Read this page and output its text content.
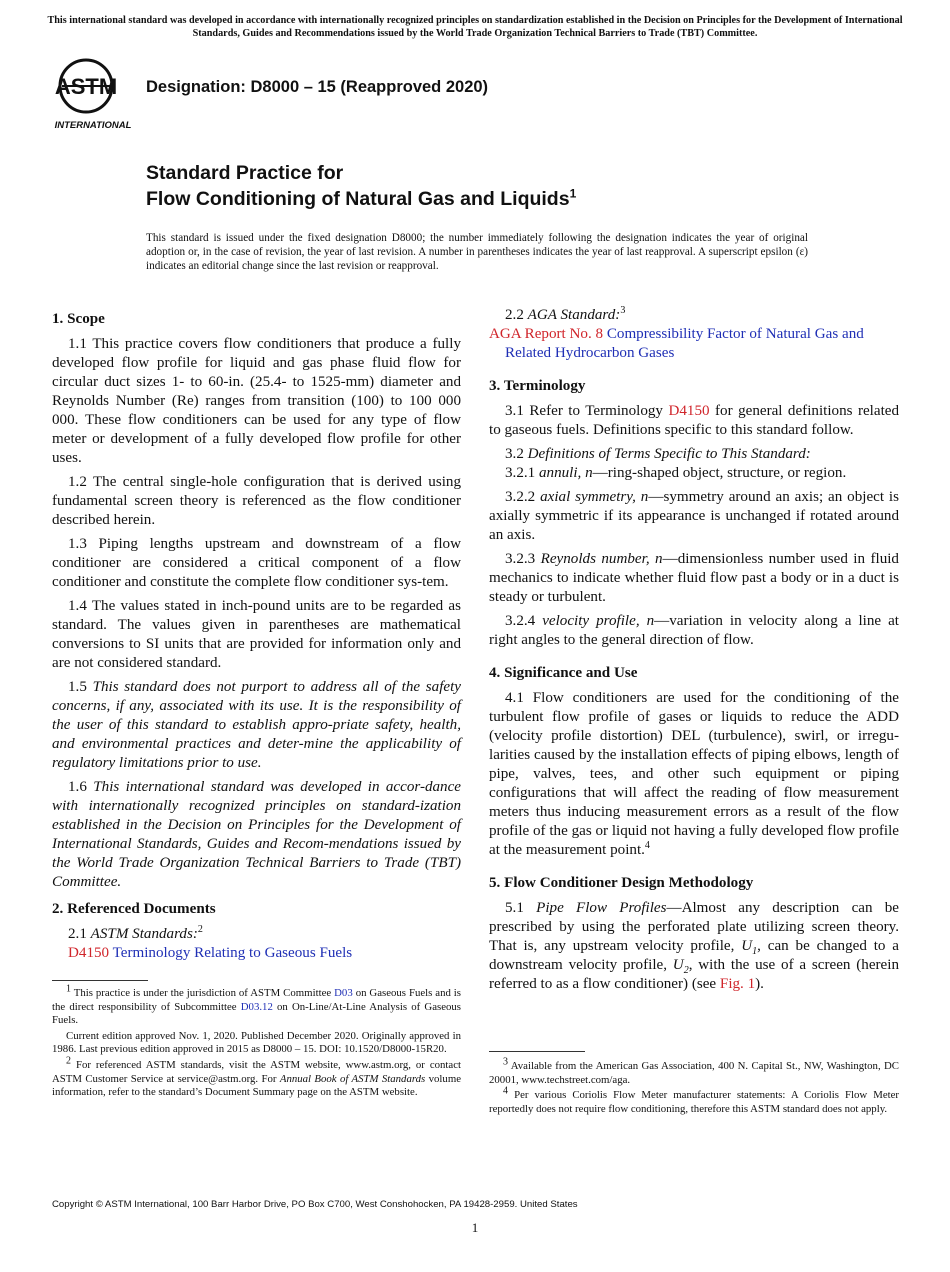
This international standard was developed in accordance with internationally recognized principles on standardization established in the Decision on Principles for the Development of International Standards, Guides and Recommendations issued by the World Trade Organization Technical Barriers to Trade (TBT) Committee.
ASTM
INTERNATIONAL
Designation: D8000 – 15 (Reapproved 2020)
Standard Practice for
Flow Conditioning of Natural Gas and Liquids$^1$
This standard is issued under the fixed designation D8000; the number immediately following the designation indicates the year of original adoption or, in the case of revision, the year of last revision. A number in parentheses indicates the year of last reapproval. A superscript epsilon (ε) indicates an editorial change since the last revision or reapproval.
1. Scope

1.1 This practice covers flow conditioners that produce a fully developed flow profile for liquid and gas phase fluid flow for circular duct sizes 1- to 60-in. (25.4- to 1525-mm) diameter and Reynolds Number (Re) ranges from transition (100) to 100 000 000. These flow conditioners can be used for any type of flow meter or development of a fully developed flow profile for other uses.

1.2 The central single-hole configuration that is derived using fundamental screen theory is referenced as the flow conditioner described herein.

1.3 Piping lengths upstream and downstream of a flow conditioner are considered a critical component of a flow conditioner and constitute the complete flow conditioner sys-tem.

1.4 The values stated in inch-pound units are to be regarded as standard. The values given in parentheses are mathematical conversions to SI units that are provided for information only and are not considered standard.

1.5 This standard does not purport to address all of the safety concerns, if any, associated with its use. It is the responsibility of the user of this standard to establish appro-priate safety, health, and environmental practices and deter-mine the applicability of regulatory limitations prior to use.

1.6 This international standard was developed in accor-dance with internationally recognized principles on standard-ization established in the Decision on Principles for the Development of International Standards, Guides and Recom-mendations issued by the World Trade Organization Technical Barriers to Trade (TBT) Committee.

2. Referenced Documents

2.1 ASTM Standards:$^2$

D4150 Terminology Relating to Gaseous Fuels

2.2 AGA Standard:$^3$

AGA Report No. 8 Compressibility Factor of Natural Gas and Related Hydrocarbon Gases

3. Terminology

3.1 Refer to Terminology D4150 for general definitions related to gaseous fuels. Definitions specific to this standard follow.

3.2 Definitions of Terms Specific to This Standard:

3.2.1 annuli, n—ring-shaped object, structure, or region.

3.2.2 axial symmetry, n—symmetry around an axis; an object is axially symmetric if its appearance is unchanged if rotated around an axis.

3.2.3 Reynolds number, n—dimensionless number used in fluid mechanics to indicate whether fluid flow past a body or in a duct is steady or turbulent.

3.2.4 velocity profile, n—variation in velocity along a line at right angles to the general direction of flow.

4. Significance and Use

4.1 Flow conditioners are used for the conditioning of the turbulent flow profile of gases or liquids to reduce the ADD (velocity profile distortion) DEL (turbulence), swirl, or irregu-larities caused by the installation effects of piping elbows, length of pipe, valves, tees, and other such equipment or piping configurations that will affect the reading of flow measurement meters thus inducing measurement errors as a result of the flow profile of the gas or liquid not having a fully developed flow profile at the measurement point.$^4$

5. Flow Conditioner Design Methodology

5.1 Pipe Flow Profiles—Almost any description can be prescribed by using the perforated plate utilizing screen theory. That is, any upstream velocity profile, $U_1$, can be changed to a downstream velocity profile, $U_2$, with the use of a screen (herein referred to as a flow conditioner) (see Fig. 1).

$^1$ This practice is under the jurisdiction of ASTM Committee D03 on Gaseous Fuels and is the direct responsibility of Subcommittee D03.12 on On-Line/At-Line Analysis of Gaseous Fuels.

Current edition approved Nov. 1, 2020. Published December 2020. Originally approved in 1986. Last previous edition approved in 2015 as D8000 – 15. DOI: 10.1520/D8000-15R20.

$^2$ For referenced ASTM standards, visit the ASTM website, www.astm.org, or contact ASTM Customer Service at service@astm.org. For Annual Book of ASTM Standards volume information, refer to the standard’s Document Summary page on the ASTM website.

$^3$ Available from the American Gas Association, 400 N. Capital St., NW, Washington, DC 20001, www.techstreet.com/aga.

$^4$ Per various Coriolis Flow Meter manufacturer statements: A Coriolis Flow Meter reportedly does not require flow conditioning, therefore this ASTM standard does not apply.

Copyright © ASTM International, 100 Barr Harbor Drive, PO Box C700, West Conshohocken, PA 19428-2959. United States
1
